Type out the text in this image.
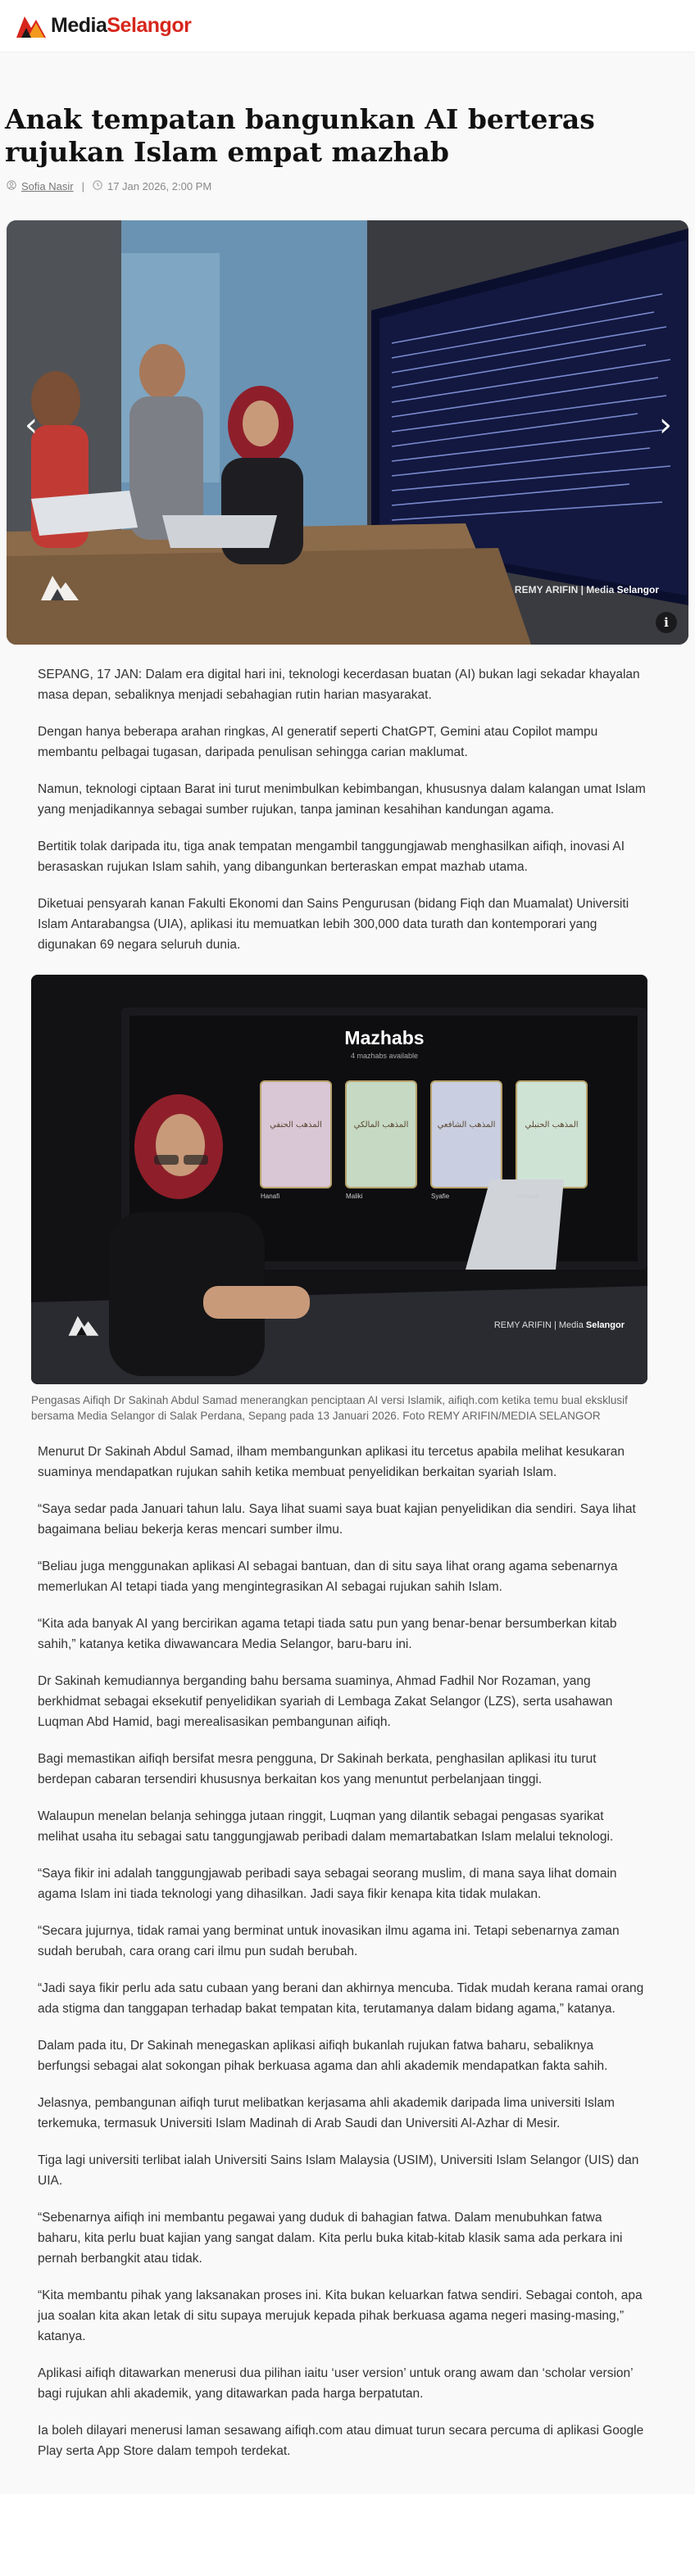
MediaSelangor
Anak tempatan bangunkan AI berteras rujukan Islam empat mazhab
Sofia Nasir | 17 Jan 2026, 2:00 PM
‹	›
REMY ARIFIN | Media Selangor
i

SEPANG, 17 JAN: Dalam era digital hari ini, teknologi kecerdasan buatan (AI) bukan lagi sekadar khayalan masa depan, sebaliknya menjadi sebahagian rutin harian masyarakat.

Dengan hanya beberapa arahan ringkas, AI generatif seperti ChatGPT, Gemini atau Copilot mampu membantu pelbagai tugasan, daripada penulisan sehingga carian maklumat.

Namun, teknologi ciptaan Barat ini turut menimbulkan kebimbangan, khususnya dalam kalangan umat Islam yang menjadikannya sebagai sumber rujukan, tanpa jaminan kesahihan kandungan agama.

Bertitik tolak daripada itu, tiga anak tempatan mengambil tanggungjawab menghasilkan aifiqh, inovasi AI berasaskan rujukan Islam sahih, yang dibangunkan berteraskan empat mazhab utama.

Diketuai pensyarah kanan Fakulti Ekonomi dan Sains Pengurusan (bidang Fiqh dan Muamalat) Universiti Islam Antarabangsa (UIA), aplikasi itu memuatkan lebih 300,000 data turath dan kontemporari yang digunakan 69 negara seluruh dunia.

Mazhabs
4 mazhabs available
المذهب الحنفي
Hanafi
المذهب المالكي
Maliki
المذهب الشافعي
Syafie
المذهب الحنبلي
Hanbali
REMY ARIFIN | Media Selangor

Pengasas Aifiqh Dr Sakinah Abdul Samad menerangkan penciptaan AI versi Islamik, aifiqh.com ketika temu bual eksklusif bersama Media Selangor di Salak Perdana, Sepang pada 13 Januari 2026. Foto REMY ARIFIN/MEDIA SELANGOR

Menurut Dr Sakinah Abdul Samad, ilham membangunkan aplikasi itu tercetus apabila melihat kesukaran suaminya mendapatkan rujukan sahih ketika membuat penyelidikan berkaitan syariah Islam.

“Saya sedar pada Januari tahun lalu. Saya lihat suami saya buat kajian penyelidikan dia sendiri. Saya lihat bagaimana beliau bekerja keras mencari sumber ilmu.

“Beliau juga menggunakan aplikasi AI sebagai bantuan, dan di situ saya lihat orang agama sebenarnya memerlukan AI tetapi tiada yang mengintegrasikan AI sebagai rujukan sahih Islam.

“Kita ada banyak AI yang bercirikan agama tetapi tiada satu pun yang benar-benar bersumberkan kitab sahih,” katanya ketika diwawancara Media Selangor, baru-baru ini.

Dr Sakinah kemudiannya berganding bahu bersama suaminya, Ahmad Fadhil Nor Rozaman, yang berkhidmat sebagai eksekutif penyelidikan syariah di Lembaga Zakat Selangor (LZS), serta usahawan Luqman Abd Hamid, bagi merealisasikan pembangunan aifiqh.

Bagi memastikan aifiqh bersifat mesra pengguna, Dr Sakinah berkata, penghasilan aplikasi itu turut berdepan cabaran tersendiri khususnya berkaitan kos yang menuntut perbelanjaan tinggi.

Walaupun menelan belanja sehingga jutaan ringgit, Luqman yang dilantik sebagai pengasas syarikat melihat usaha itu sebagai satu tanggungjawab peribadi dalam memartabatkan Islam melalui teknologi.

“Saya fikir ini adalah tanggungjawab peribadi saya sebagai seorang muslim, di mana saya lihat domain agama Islam ini tiada teknologi yang dihasilkan. Jadi saya fikir kenapa kita tidak mulakan.

“Secara jujurnya, tidak ramai yang berminat untuk inovasikan ilmu agama ini. Tetapi sebenarnya zaman sudah berubah, cara orang cari ilmu pun sudah berubah.

“Jadi saya fikir perlu ada satu cubaan yang berani dan akhirnya mencuba. Tidak mudah kerana ramai orang ada stigma dan tanggapan terhadap bakat tempatan kita, terutamanya dalam bidang agama,” katanya.

Dalam pada itu, Dr Sakinah menegaskan aplikasi aifiqh bukanlah rujukan fatwa baharu, sebaliknya berfungsi sebagai alat sokongan pihak berkuasa agama dan ahli akademik mendapatkan fakta sahih.

Jelasnya, pembangunan aifiqh turut melibatkan kerjasama ahli akademik daripada lima universiti Islam terkemuka, termasuk Universiti Islam Madinah di Arab Saudi dan Universiti Al-Azhar di Mesir.

Tiga lagi universiti terlibat ialah Universiti Sains Islam Malaysia (USIM), Universiti Islam Selangor (UIS) dan UIA.

“Sebenarnya aifiqh ini membantu pegawai yang duduk di bahagian fatwa. Dalam menubuhkan fatwa baharu, kita perlu buat kajian yang sangat dalam. Kita perlu buka kitab-kitab klasik sama ada perkara ini pernah berbangkit atau tidak.

“Kita membantu pihak yang laksanakan proses ini. Kita bukan keluarkan fatwa sendiri. Sebagai contoh, apa jua soalan kita akan letak di situ supaya merujuk kepada pihak berkuasa agama negeri masing-masing,” katanya.

Aplikasi aifiqh ditawarkan menerusi dua pilihan iaitu ‘user version’ untuk orang awam dan ‘scholar version’ bagi rujukan ahli akademik, yang ditawarkan pada harga berpatutan.

Ia boleh dilayari menerusi laman sesawang aifiqh.com atau dimuat turun secara percuma di aplikasi Google Play serta App Store dalam tempoh terdekat.
